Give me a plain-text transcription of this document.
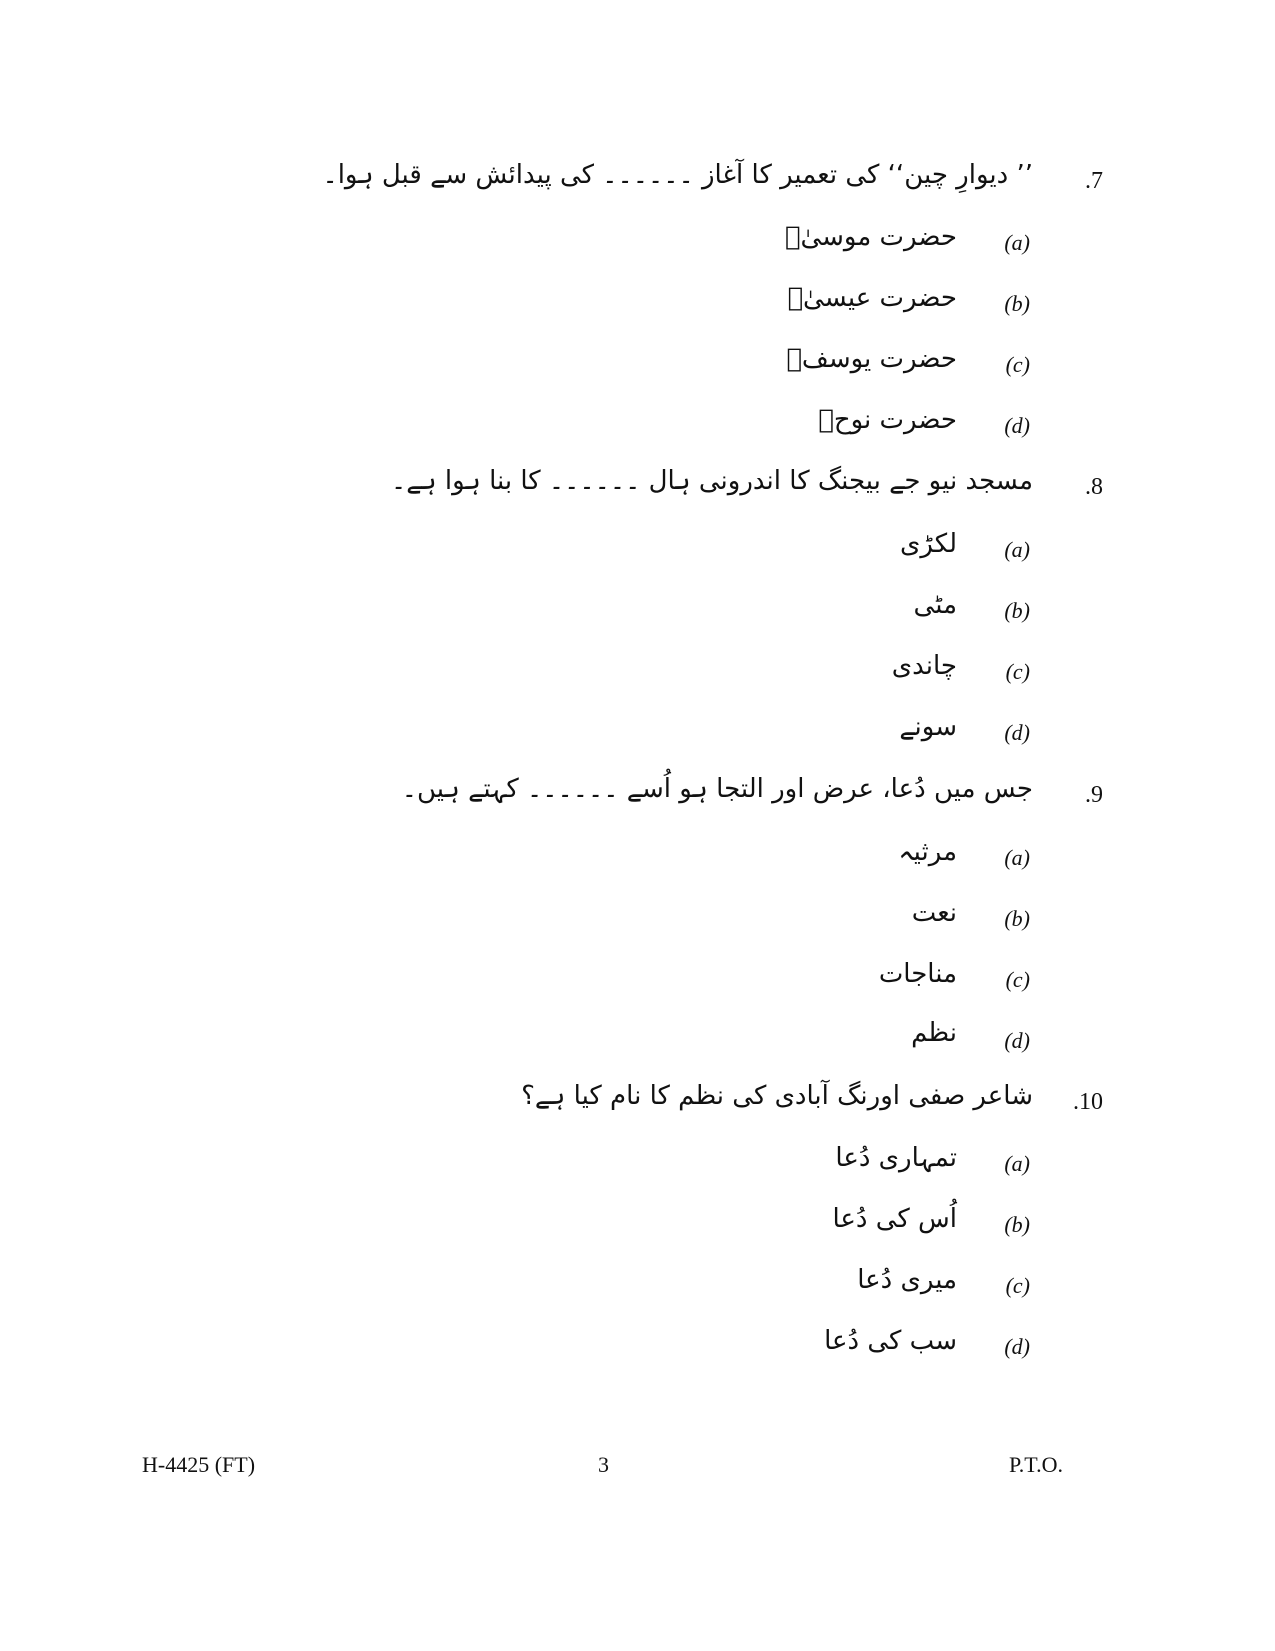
.7
’’ دیوارِ چین‘‘ کی تعمیر کا آغاز ۔۔۔۔۔۔ کی پیدائش سے قبل ہوا۔
(a)
حضرت موسیٰؑ
(b)
حضرت عیسیٰؑ
(c)
حضرت یوسفؑ
(d)
حضرت نوحؑ
.8
مسجد نیو جے بیجنگ کا اندرونی ہال ۔۔۔۔۔۔ کا بنا ہوا ہے۔
(a)
لکڑی
(b)
مٹی
(c)
چاندی
(d)
سونے
.9
جس میں دُعا، عرض اور التجا ہو اُسے ۔۔۔۔۔۔ کہتے ہیں۔
(a)
مرثیہ
(b)
نعت
(c)
مناجات
(d)
نظم
.10
شاعر صفی اورنگ آبادی کی نظم کا نام کیا ہے؟
(a)
تمہاری دُعا
(b)
اُس کی دُعا
(c)
میری دُعا
(d)
سب کی دُعا
H-4425 (FT)	3	P.T.O.
